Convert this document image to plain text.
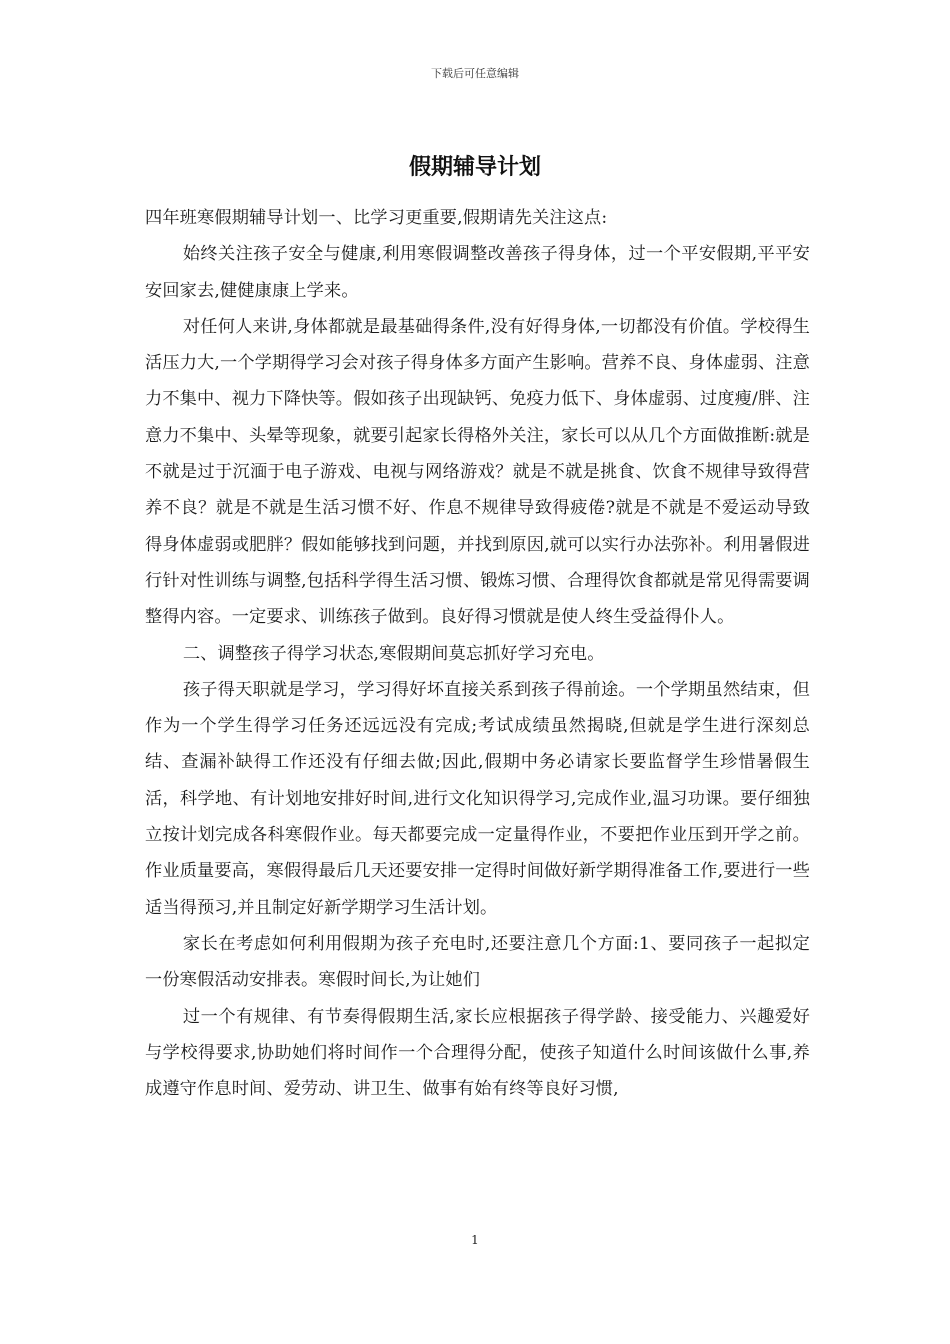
下载后可任意编辑
假期辅导计划

四年班寒假期辅导计划一、比学习更重要,假期请先关注这点:

始终关注孩子安全与健康,利用寒假调整改善孩子得身体，过一个平安假期,平平安安回家去,健健康康上学来。

对任何人来讲,身体都就是最基础得条件,没有好得身体,一切都没有价值。学校得生活压力大,一个学期得学习会对孩子得身体多方面产生影响。营养不良、身体虚弱、注意力不集中、视力下降快等。假如孩子出现缺钙、免疫力低下、身体虚弱、过度瘦/胖、注意力不集中、头晕等现象，就要引起家长得格外关注，家长可以从几个方面做推断:就是不就是过于沉湎于电子游戏、电视与网络游戏？就是不就是挑食、饮食不规律导致得营养不良？就是不就是生活习惯不好、作息不规律导致得疲倦?就是不就是不爱运动导致得身体虚弱或肥胖？假如能够找到问题，并找到原因,就可以实行办法弥补。利用暑假进行针对性训练与调整,包括科学得生活习惯、锻炼习惯、合理得饮食都就是常见得需要调整得内容。一定要求、训练孩子做到。良好得习惯就是使人终生受益得仆人。

二、调整孩子得学习状态,寒假期间莫忘抓好学习充电。

孩子得天职就是学习，学习得好坏直接关系到孩子得前途。一个学期虽然结束，但作为一个学生得学习任务还远远没有完成;考试成绩虽然揭晓,但就是学生进行深刻总结、查漏补缺得工作还没有仔细去做;因此,假期中务必请家长要监督学生珍惜暑假生活，科学地、有计划地安排好时间,进行文化知识得学习,完成作业,温习功课。要仔细独立按计划完成各科寒假作业。每天都要完成一定量得作业，不要把作业压到开学之前。作业质量要高，寒假得最后几天还要安排一定得时间做好新学期得准备工作,要进行一些适当得预习,并且制定好新学期学习生活计划。

家长在考虑如何利用假期为孩子充电时,还要注意几个方面:1、要同孩子一起拟定一份寒假活动安排表。寒假时间长,为让她们

过一个有规律、有节奏得假期生活,家长应根据孩子得学龄、接受能力、兴趣爱好与学校得要求,协助她们将时间作一个合理得分配，使孩子知道什么时间该做什么事,养成遵守作息时间、爱劳动、讲卫生、做事有始有终等良好习惯,

1
